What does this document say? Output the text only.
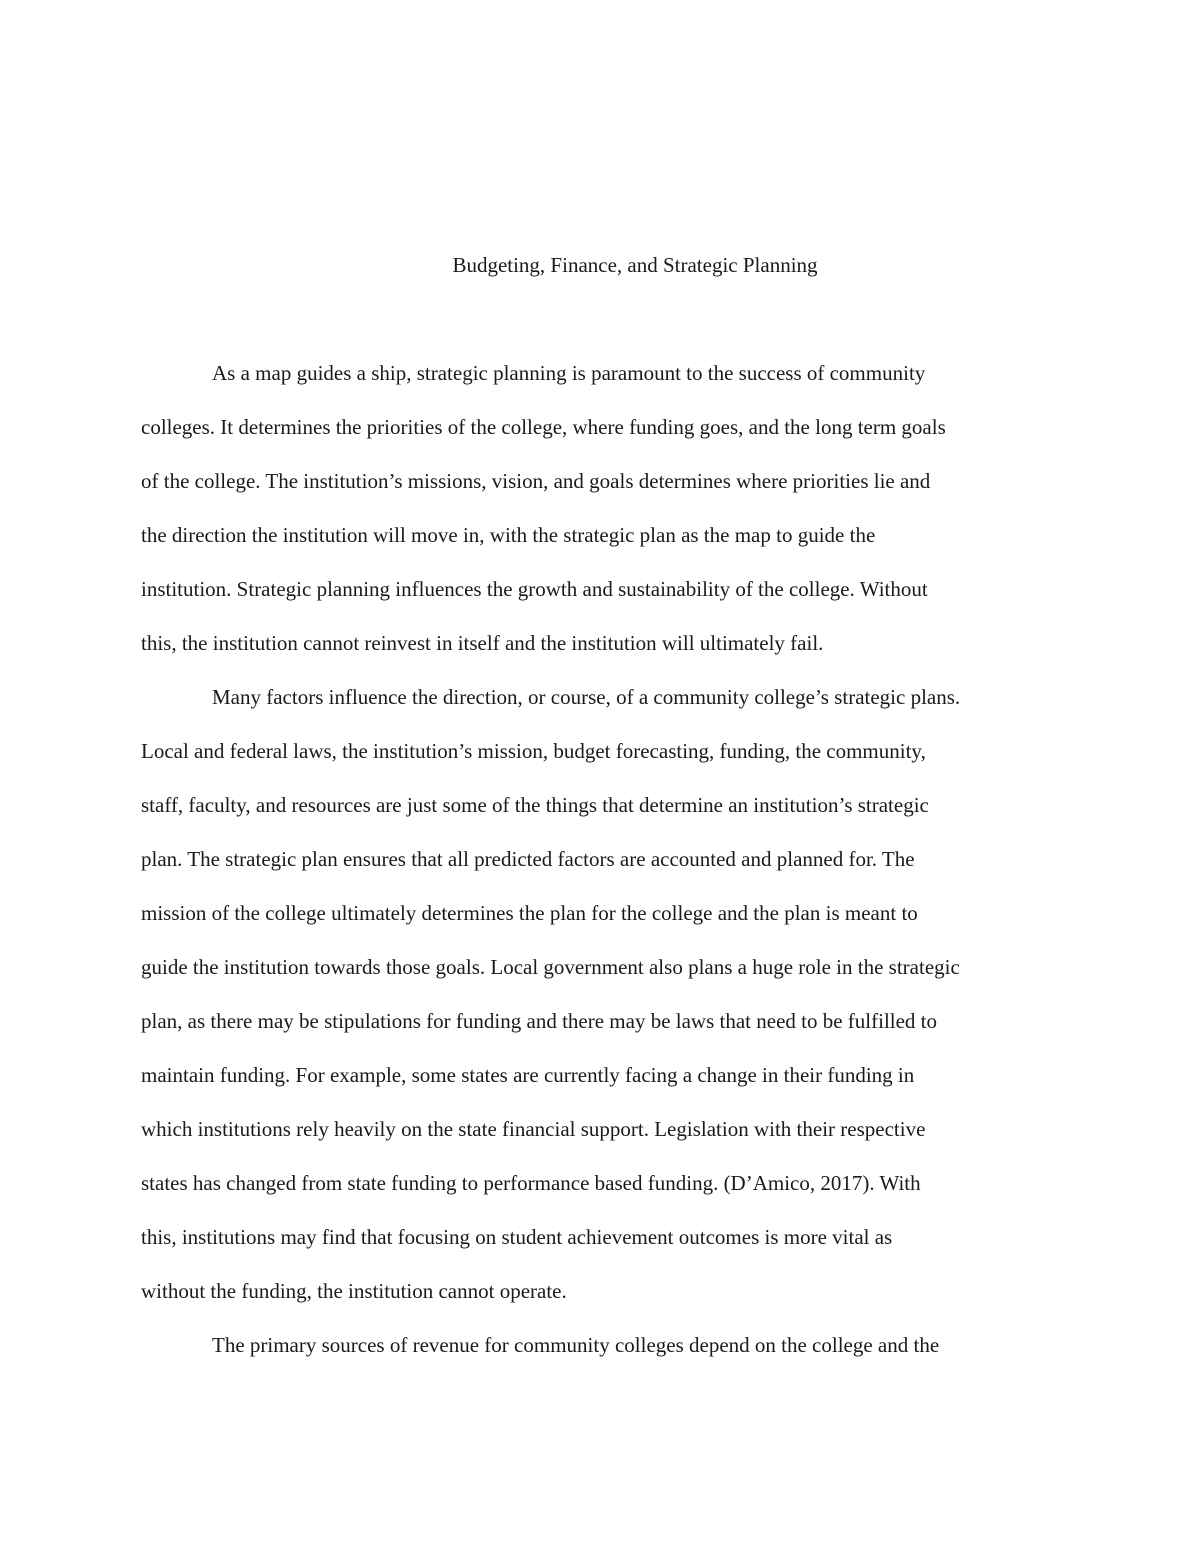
Budgeting, Finance, and Strategic Planning
As a map guides a ship, strategic planning is paramount to the success of community
colleges. It determines the priorities of the college, where funding goes, and the long term goals
of the college. The institution’s missions, vision, and goals determines where priorities lie and
the direction the institution will move in, with the strategic plan as the map to guide the
institution. Strategic planning influences the growth and sustainability of the college. Without
this, the institution cannot reinvest in itself and the institution will ultimately fail.
Many factors influence the direction, or course, of a community college’s strategic plans.
Local and federal laws, the institution’s mission, budget forecasting, funding, the community,
staff, faculty, and resources are just some of the things that determine an institution’s strategic
plan. The strategic plan ensures that all predicted factors are accounted and planned for. The
mission of the college ultimately determines the plan for the college and the plan is meant to
guide the institution towards those goals. Local government also plans a huge role in the strategic
plan, as there may be stipulations for funding and there may be laws that need to be fulfilled to
maintain funding. For example, some states are currently facing a change in their funding in
which institutions rely heavily on the state financial support. Legislation with their respective
states has changed from state funding to performance based funding. (D’Amico, 2017). With
this, institutions may find that focusing on student achievement outcomes is more vital as
without the funding, the institution cannot operate.
The primary sources of revenue for community colleges depend on the college and the
